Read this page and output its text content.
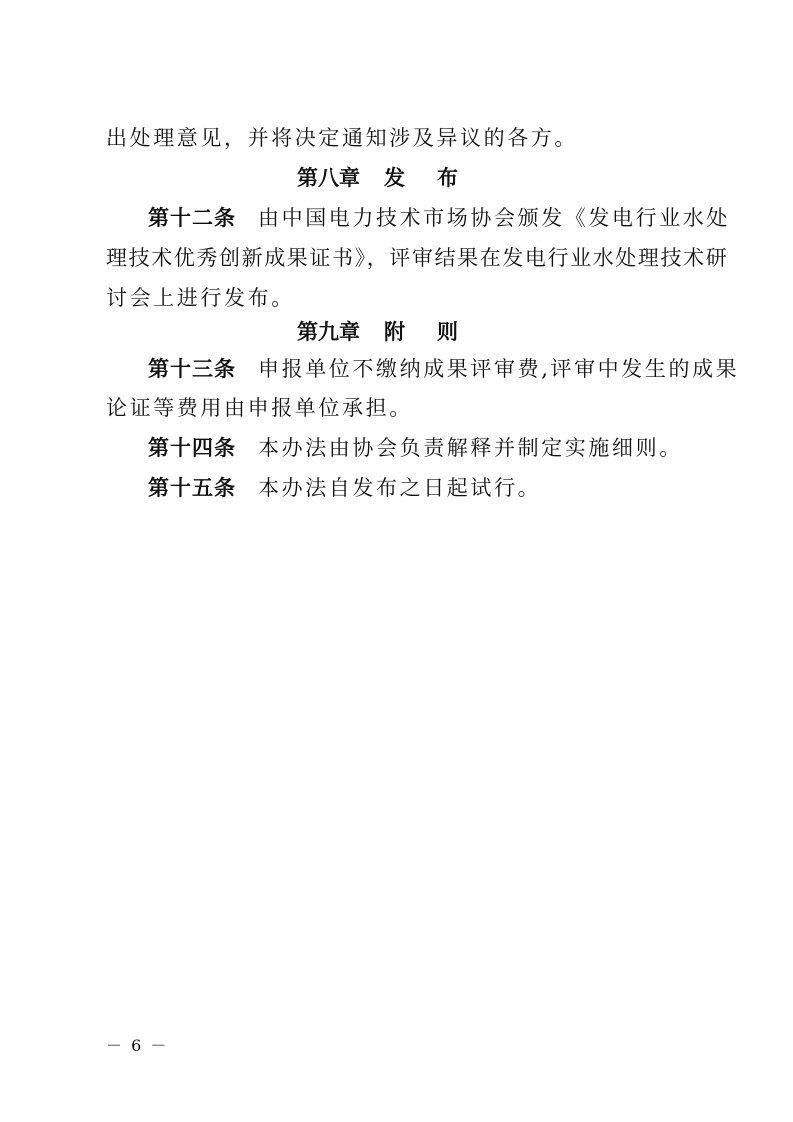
出处理意见，并将决定通知涉及异议的各方。
第八章 发 布
第十二条 由中国电力技术市场协会颁发《发电行业水处
理技术优秀创新成果证书》，评审结果在发电行业水处理技术研
讨会上进行发布。
第九章 附 则
第十三条 申报单位不缴纳成果评审费,评审中发生的成果
论证等费用由申报单位承担。
第十四条 本办法由协会负责解释并制定实施细则。
第十五条 本办法自发布之日起试行。
－ 6 －
